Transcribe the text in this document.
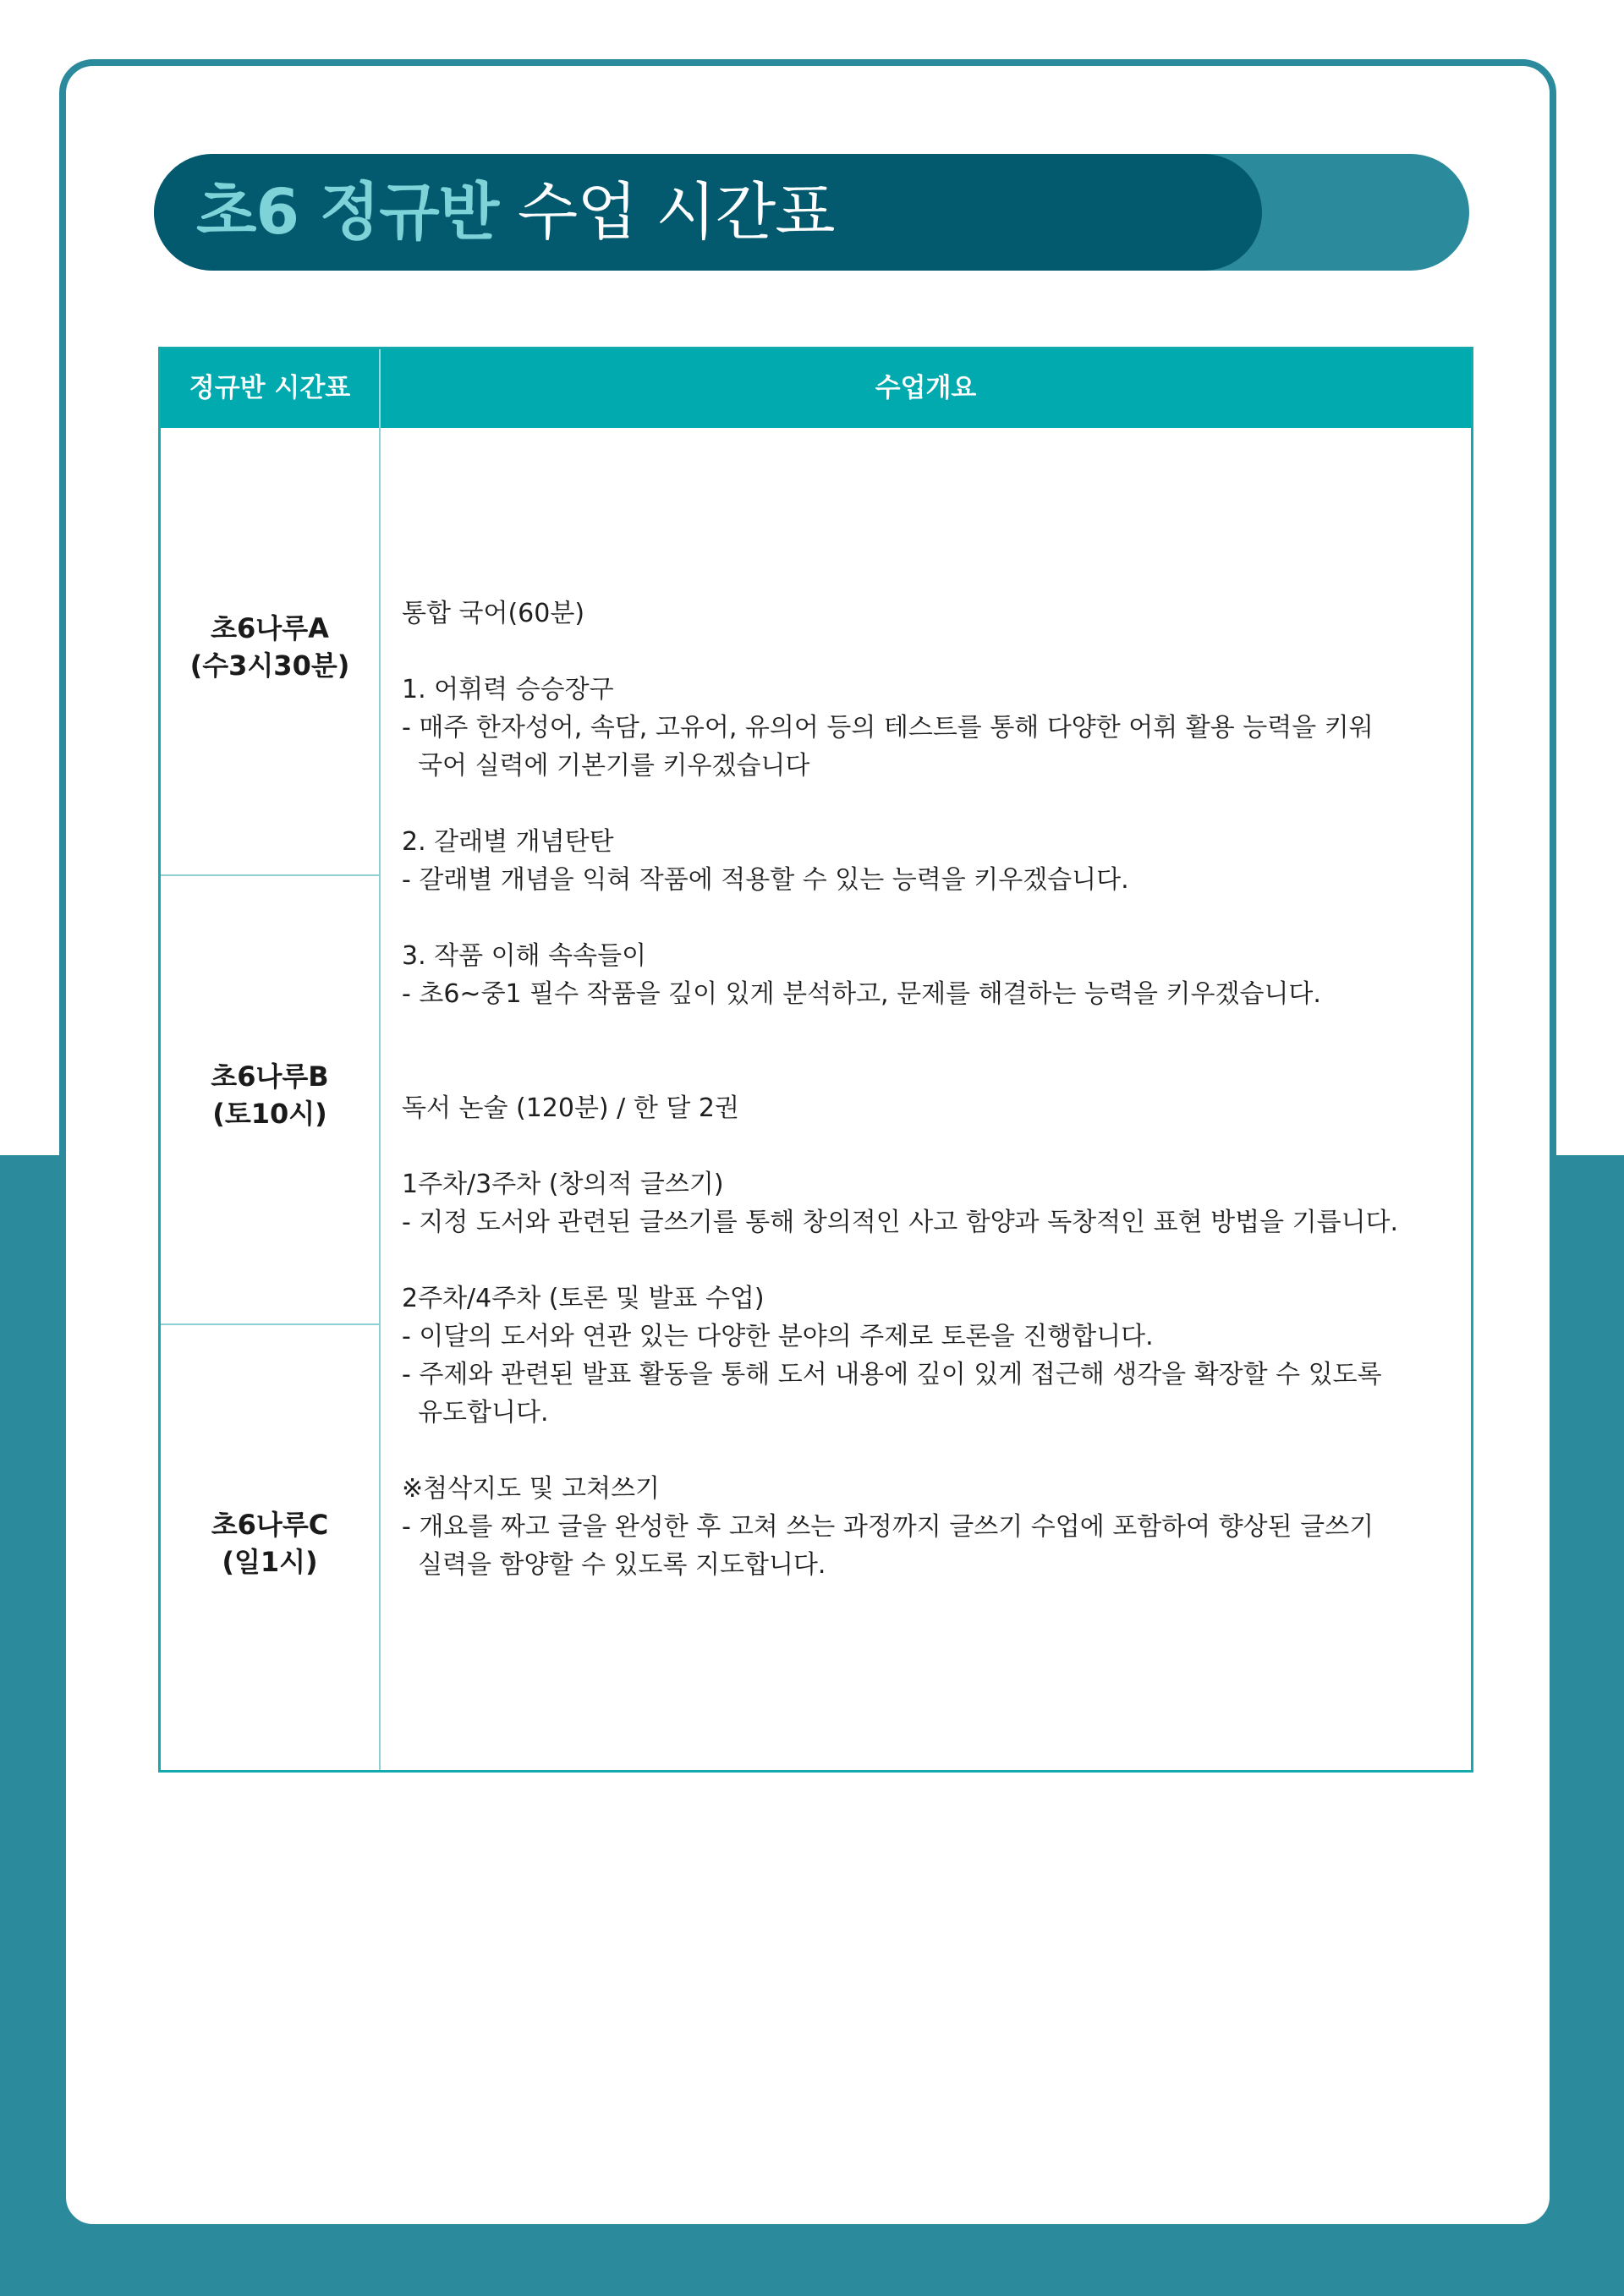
초6 정규반 수업 시간표
정규반 시간표	수업개요
초6나루A
(수3시30분)
초6나루B
(토10시)
초6나루C
(일1시)
통합 국어(60분)

1. 어휘력 승승장구
- 매주 한자성어, 속담, 고유어, 유의어 등의 테스트를 통해 다양한 어휘 활용 능력을 키워
국어 실력에 기본기를 키우겠습니다

2. 갈래별 개념탄탄
- 갈래별 개념을 익혀 작품에 적용할 수 있는 능력을 키우겠습니다.

3. 작품 이해 속속들이
- 초6~중1 필수 작품을 깊이 있게 분석하고, 문제를 해결하는 능력을 키우겠습니다.

독서 논술 (120분) / 한 달 2권

1주차/3주차 (창의적 글쓰기)
- 지정 도서와 관련된 글쓰기를 통해 창의적인 사고 함양과 독창적인 표현 방법을 기릅니다.

2주차/4주차 (토론 및 발표 수업)
- 이달의 도서와 연관 있는 다양한 분야의 주제로 토론을 진행합니다.
- 주제와 관련된 발표 활동을 통해 도서 내용에 깊이 있게 접근해 생각을 확장할 수 있도록
유도합니다.

※첨삭지도 및 고쳐쓰기
- 개요를 짜고 글을 완성한 후 고쳐 쓰는 과정까지 글쓰기 수업에 포함하여 향상된 글쓰기
실력을 함양할 수 있도록 지도합니다.
